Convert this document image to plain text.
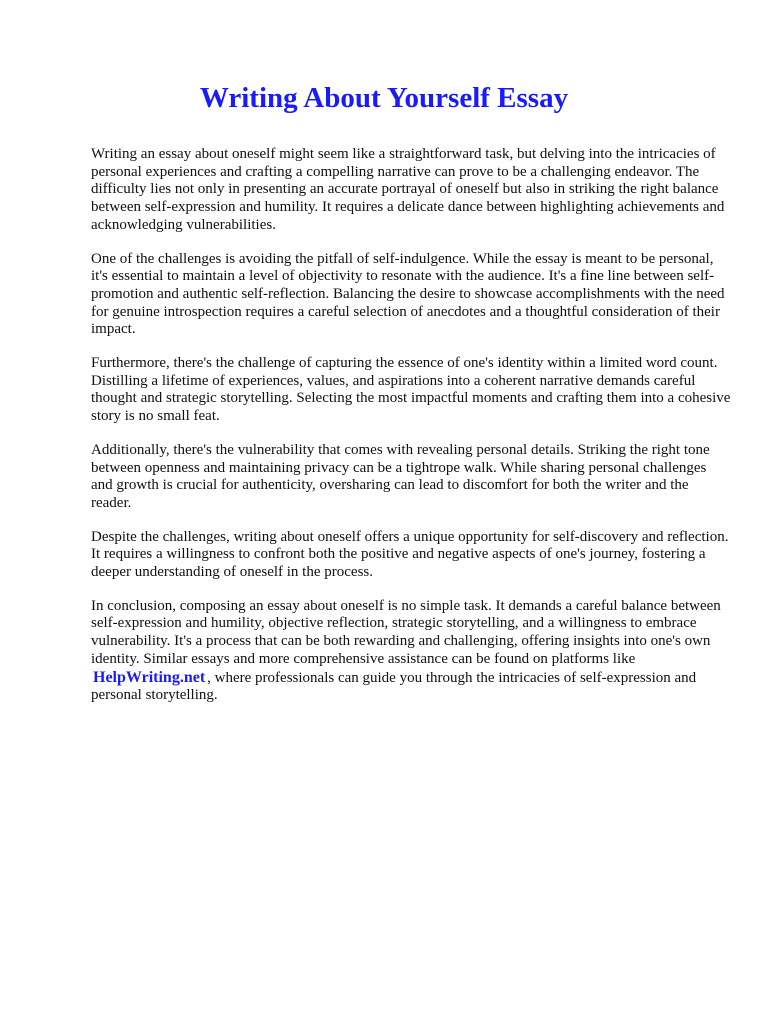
Writing About Yourself Essay

Writing an essay about oneself might seem like a straightforward task, but delving into the intricacies of personal experiences and crafting a compelling narrative can prove to be a challenging endeavor. The difficulty lies not only in presenting an accurate portrayal of oneself but also in striking the right balance between self-expression and humility. It requires a delicate dance between highlighting achievements and acknowledging vulnerabilities.

One of the challenges is avoiding the pitfall of self-indulgence. While the essay is meant to be personal, it's essential to maintain a level of objectivity to resonate with the audience. It's a fine line between self-promotion and authentic self-reflection. Balancing the desire to showcase accomplishments with the need for genuine introspection requires a careful selection of anecdotes and a thoughtful consideration of their impact.

Furthermore, there's the challenge of capturing the essence of one's identity within a limited word count. Distilling a lifetime of experiences, values, and aspirations into a coherent narrative demands careful thought and strategic storytelling. Selecting the most impactful moments and crafting them into a cohesive story is no small feat.

Additionally, there's the vulnerability that comes with revealing personal details. Striking the right tone between openness and maintaining privacy can be a tightrope walk. While sharing personal challenges and growth is crucial for authenticity, oversharing can lead to discomfort for both the writer and the reader.

Despite the challenges, writing about oneself offers a unique opportunity for self-discovery and reflection. It requires a willingness to confront both the positive and negative aspects of one's journey, fostering a deeper understanding of oneself in the process.

In conclusion, composing an essay about oneself is no simple task. It demands a careful balance between self-expression and humility, objective reflection, strategic storytelling, and a willingness to embrace vulnerability. It's a process that can be both rewarding and challenging, offering insights into one's own identity. Similar essays and more comprehensive assistance can be found on platforms like HelpWriting.net , where professionals can guide you through the intricacies of self-expression and personal storytelling.
